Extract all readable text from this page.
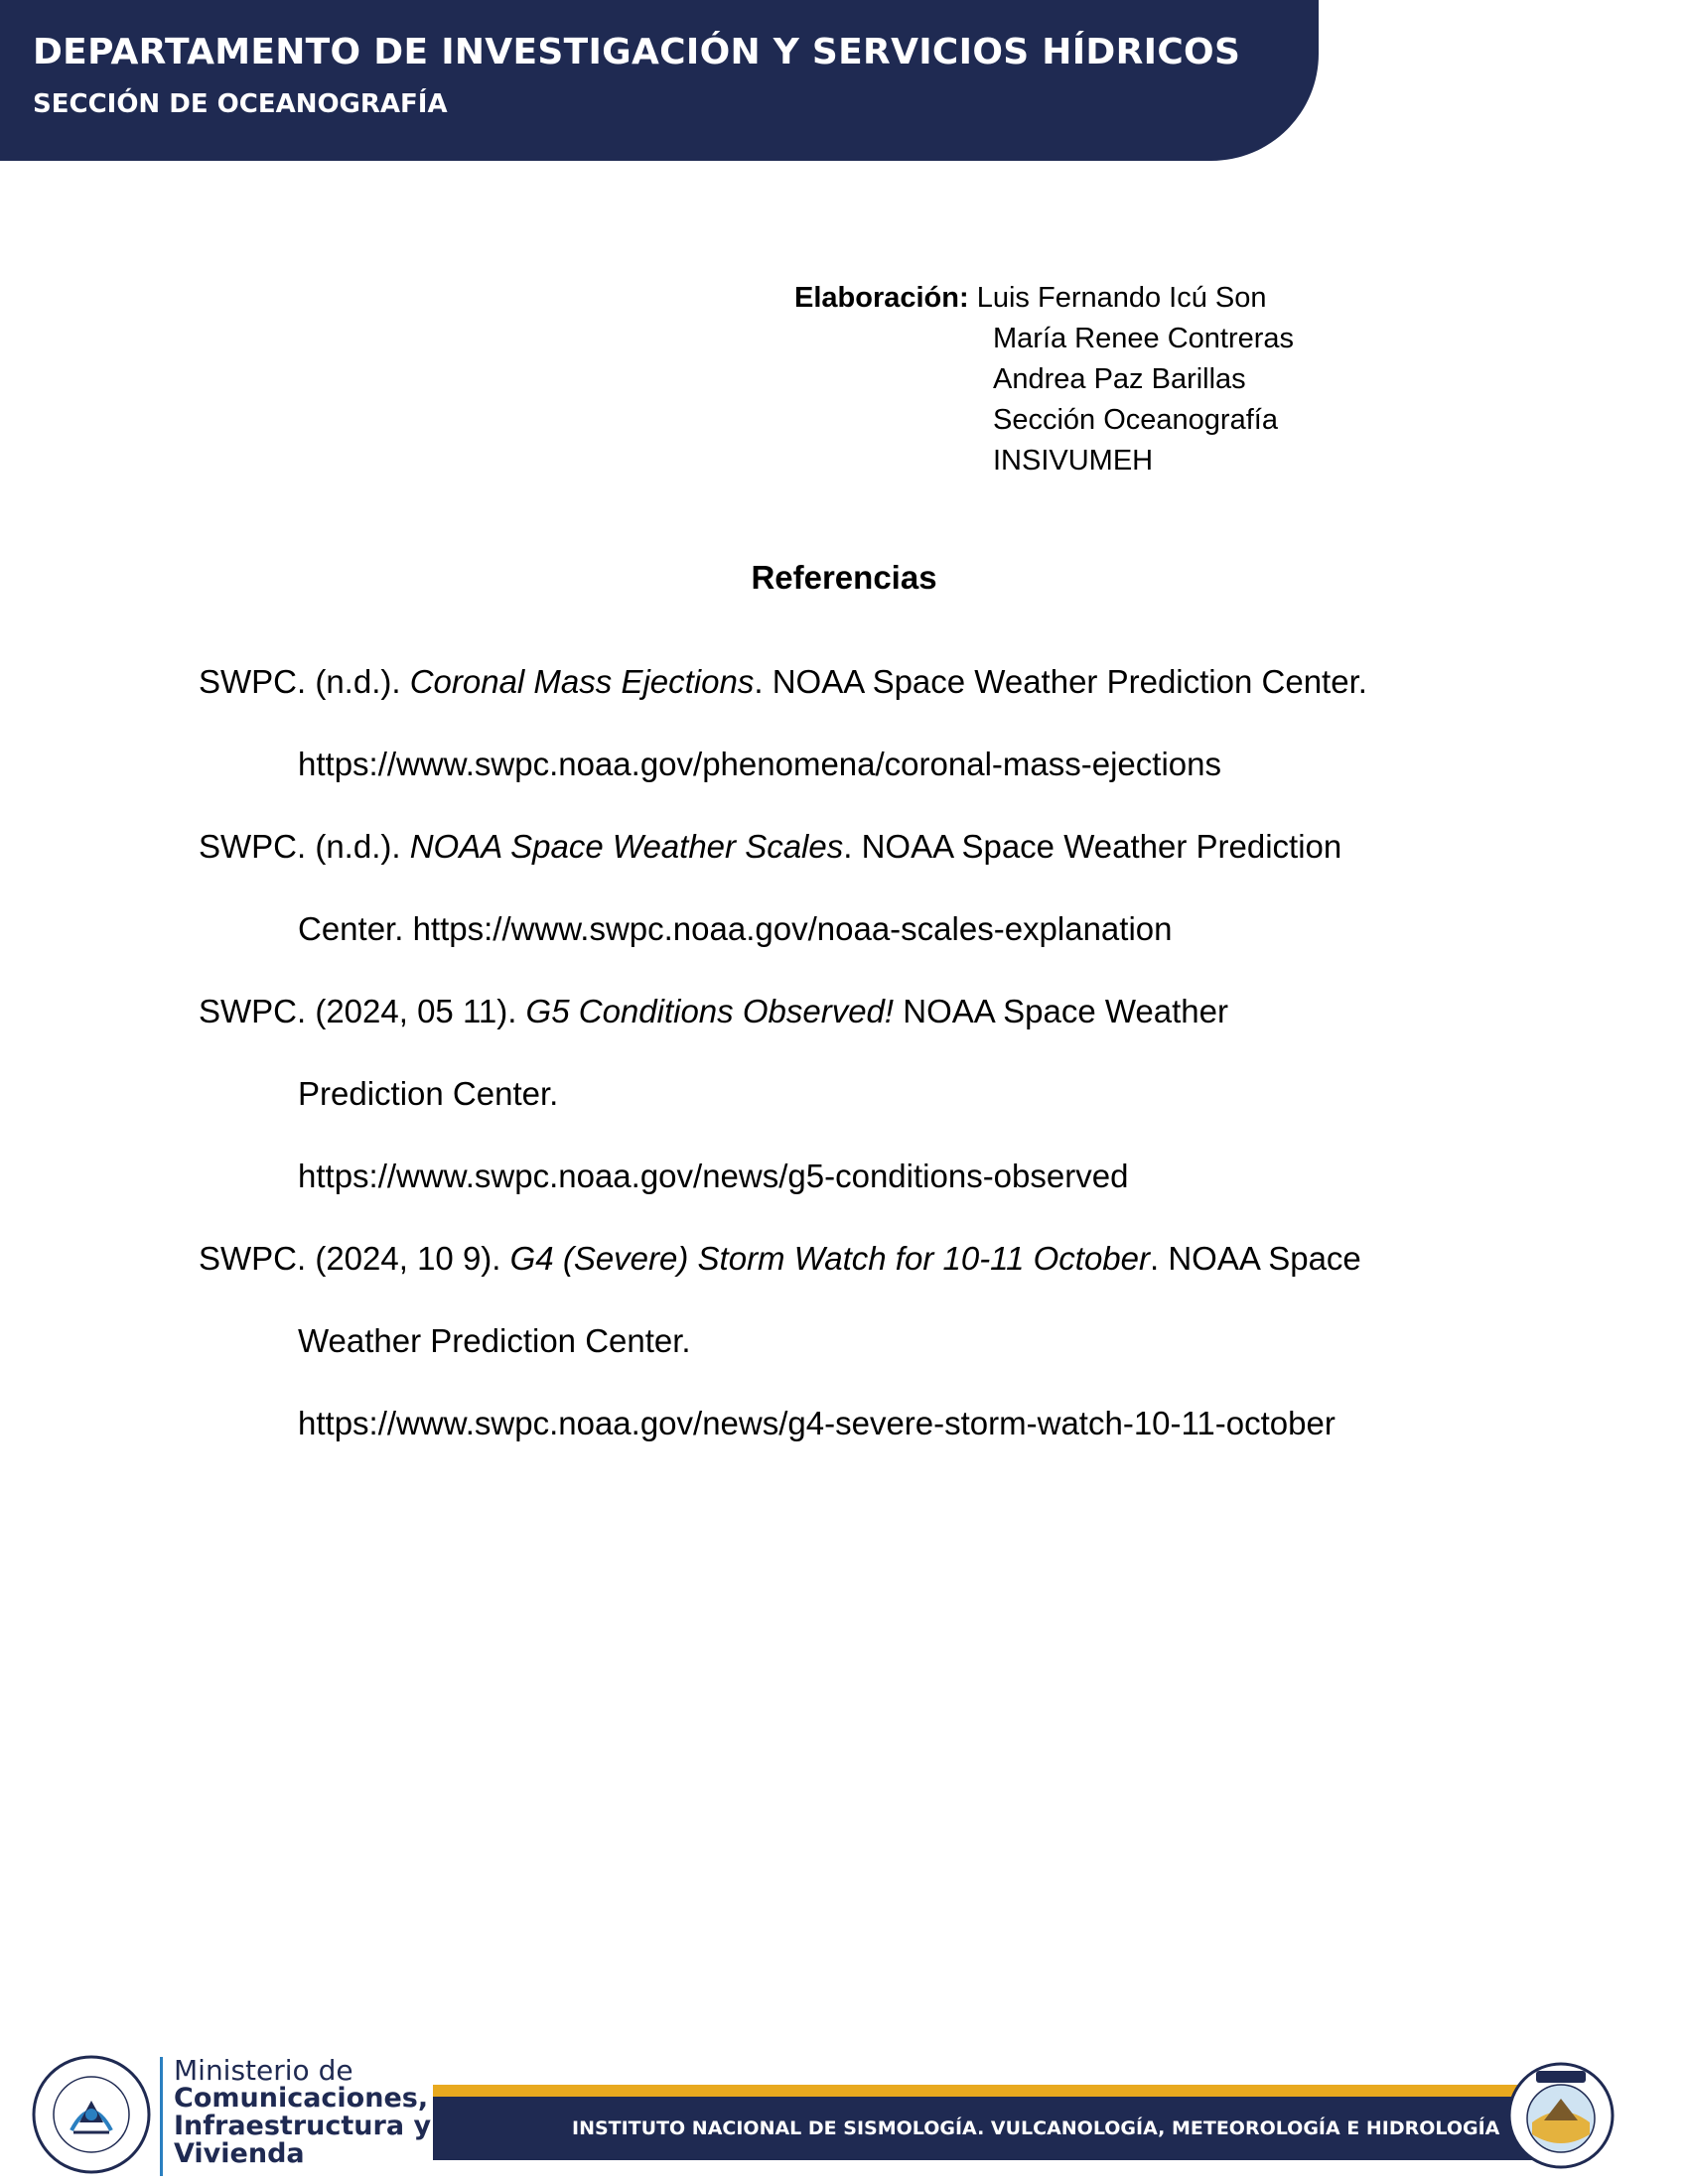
DEPARTAMENTO DE INVESTIGACIÓN Y SERVICIOS HÍDRICOS
SECCIÓN DE OCEANOGRAFÍA
Elaboración: Luis Fernando Icú Son
María Renee Contreras
Andrea Paz Barillas
Sección Oceanografía
INSIVUMEH
Referencias
SWPC. (n.d.). Coronal Mass Ejections. NOAA Space Weather Prediction Center.
https://www.swpc.noaa.gov/phenomena/coronal-mass-ejections
SWPC. (n.d.). NOAA Space Weather Scales. NOAA Space Weather Prediction
Center. https://www.swpc.noaa.gov/noaa-scales-explanation
SWPC. (2024, 05 11). G5 Conditions Observed! NOAA Space Weather
Prediction Center.
https://www.swpc.noaa.gov/news/g5-conditions-observed
SWPC. (2024, 10 9). G4 (Severe) Storm Watch for 10-11 October. NOAA Space
Weather Prediction Center.
https://www.swpc.noaa.gov/news/g4-severe-storm-watch-10-11-october
Ministerio de
Comunicaciones,
Infraestructura y
Vivienda
INSTITUTO NACIONAL DE SISMOLOGÍA. VULCANOLOGÍA, METEOROLOGÍA E HIDROLOGÍA
